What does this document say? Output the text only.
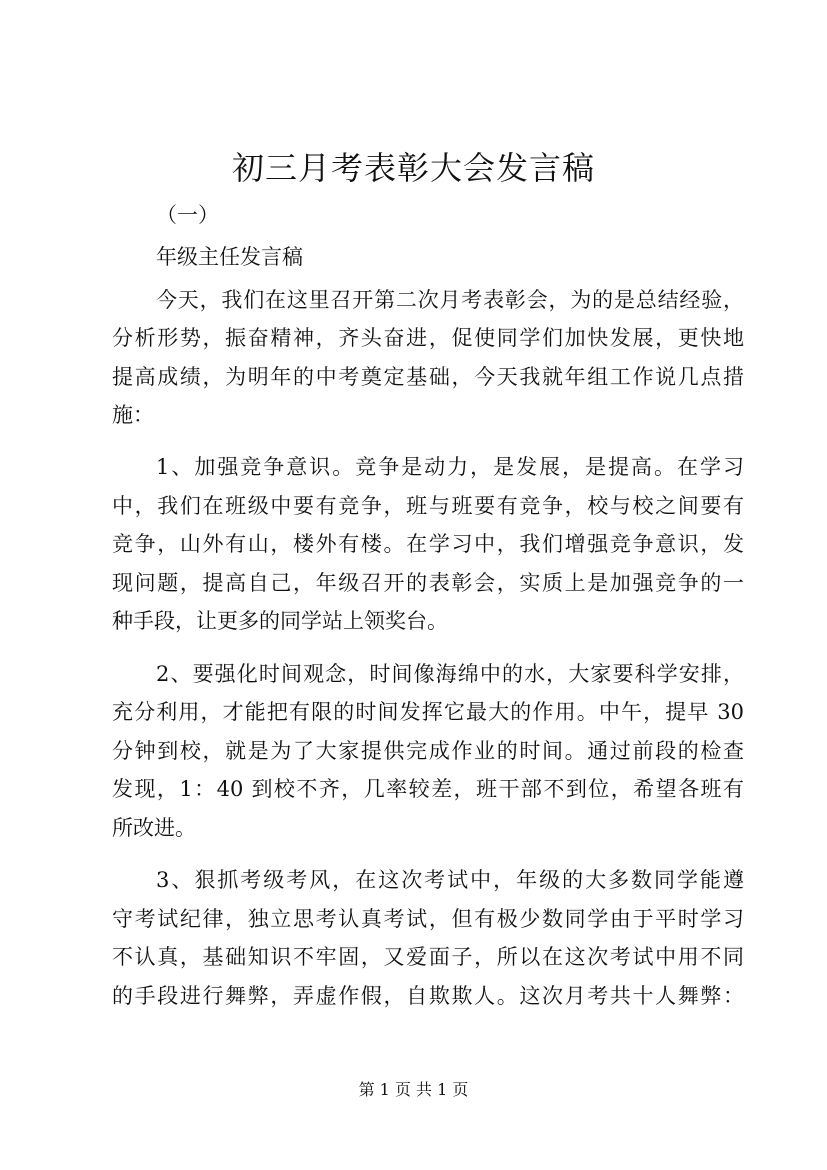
初三月考表彰大会发言稿
（一）
年级主任发言稿
今天，我们在这里召开第二次月考表彰会，为的是总结经验，
分析形势，振奋精神，齐头奋进，促使同学们加快发展，更快地
提高成绩，为明年的中考奠定基础，今天我就年组工作说几点措
施：
1、加强竞争意识。竞争是动力，是发展，是提高。在学习
中，我们在班级中要有竞争，班与班要有竞争，校与校之间要有
竞争，山外有山，楼外有楼。在学习中，我们增强竞争意识，发
现问题，提高自己，年级召开的表彰会，实质上是加强竞争的一
种手段，让更多的同学站上领奖台。
2、要强化时间观念，时间像海绵中的水，大家要科学安排，
充分利用，才能把有限的时间发挥它最大的作用。中午，提早 30
分钟到校，就是为了大家提供完成作业的时间。通过前段的检查
发现，1：40 到校不齐，几率较差，班干部不到位，希望各班有
所改进。
3、狠抓考级考风，在这次考试中，年级的大多数同学能遵
守考试纪律，独立思考认真考试，但有极少数同学由于平时学习
不认真，基础知识不牢固，又爱面子，所以在这次考试中用不同
的手段进行舞弊，弄虚作假，自欺欺人。这次月考共十人舞弊：
第 1 页 共 1 页
